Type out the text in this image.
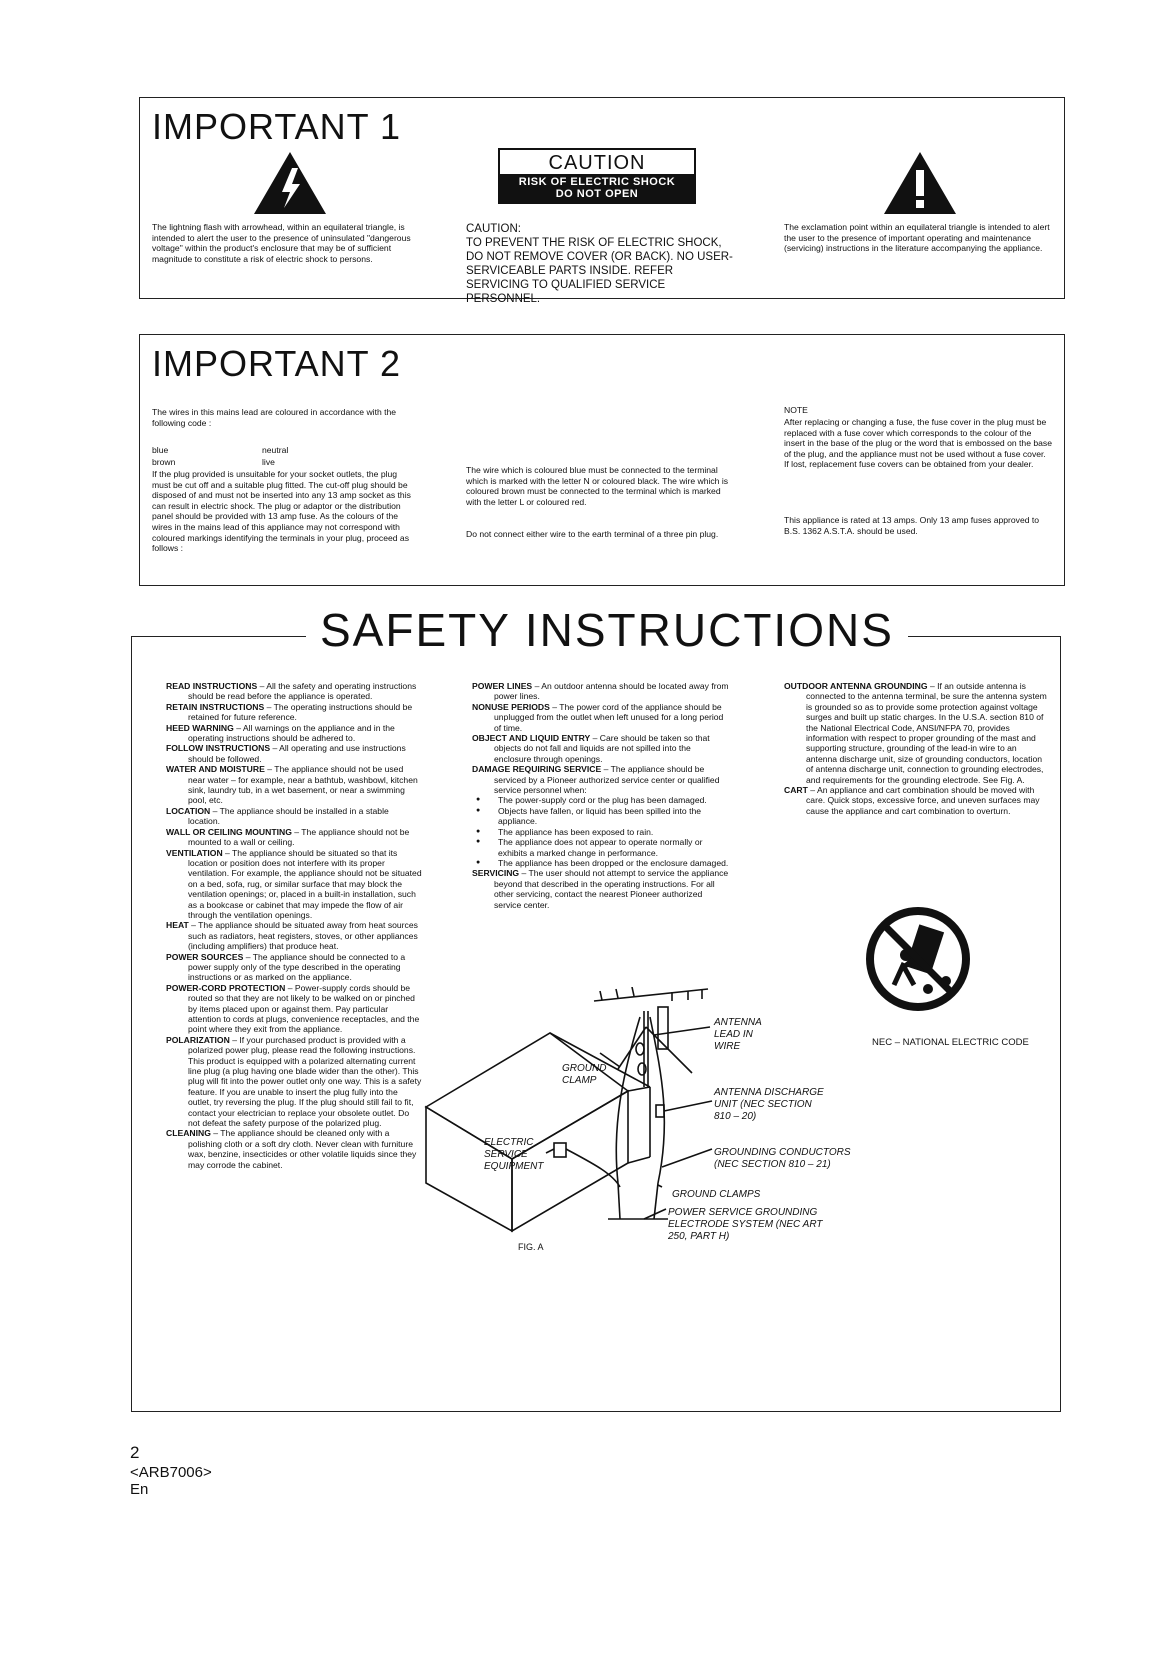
IMPORTANT 1
The lightning flash with arrowhead, within an equilateral triangle, is intended to alert the user to the presence of uninsulated "dangerous voltage" within the product's enclosure that may be of sufficient magnitude to constitute a risk of electric shock to persons.
CAUTION
RISK OF ELECTRIC SHOCK
DO NOT OPEN
CAUTION:
TO PREVENT THE RISK OF ELECTRIC SHOCK, DO NOT REMOVE COVER (OR BACK). NO USER-SERVICEABLE PARTS INSIDE. REFER SERVICING TO QUALIFIED SERVICE PERSONNEL.
The exclamation point within an equilateral triangle is intended to alert the user to the presence of important operating and maintenance (servicing) instructions in the literature accompanying the appliance.
IMPORTANT 2
The wires in this mains lead are coloured in accordance with the following code :
blue	neutral
brown	live
If the plug provided is unsuitable for your socket outlets, the plug must be cut off and a suitable plug fitted. The cut-off plug should be disposed of and must not be inserted into any 13 amp socket as this can result in electric shock. The plug or adaptor or the distribution panel should be provided with 13 amp fuse. As the colours of the wires in the mains lead of this appliance may not correspond with coloured markings identifying the terminals in your plug, proceed as follows :
The wire which is coloured blue must be connected to the terminal which is marked with the letter N or coloured black. The wire which is coloured brown must be connected to the terminal which is marked with the letter L or coloured red.
Do not connect either wire to the earth terminal of a three pin plug.
NOTE
After replacing or changing a fuse, the fuse cover in the plug must be replaced with a fuse cover which corresponds to the colour of the insert in the base of the plug or the word that is embossed on the base of the plug, and the appliance must not be used without a fuse cover. If lost, replacement fuse covers can be obtained from your dealer.
This appliance is rated at 13 amps. Only 13 amp fuses approved to B.S. 1362 A.S.T.A. should be used.
SAFETY INSTRUCTIONS

READ INSTRUCTIONS – All the safety and operating instructions should be read before the appliance is operated.

RETAIN INSTRUCTIONS – The operating instructions should be retained for future reference.

HEED WARNING – All warnings on the appliance and in the operating instructions should be adhered to.

FOLLOW INSTRUCTIONS – All operating and use instructions should be followed.

WATER AND MOISTURE – The appliance should not be used near water – for example, near a bathtub, washbowl, kitchen sink, laundry tub, in a wet basement, or near a swimming pool, etc.

LOCATION – The appliance should be installed in a stable location.

WALL OR CEILING MOUNTING – The appliance should not be mounted to a wall or ceiling.

VENTILATION – The appliance should be situated so that its location or position does not interfere with its proper ventilation. For example, the appliance should not be situated on a bed, sofa, rug, or similar surface that may block the ventilation openings; or, placed in a built-in installation, such as a bookcase or cabinet that may impede the flow of air through the ventilation openings.

HEAT – The appliance should be situated away from heat sources such as radiators, heat registers, stoves, or other appliances (including amplifiers) that produce heat.

POWER SOURCES – The appliance should be connected to a power supply only of the type described in the operating instructions or as marked on the appliance.

POWER-CORD PROTECTION – Power-supply cords should be routed so that they are not likely to be walked on or pinched by items placed upon or against them. Pay particular attention to cords at plugs, convenience receptacles, and the point where they exit from the appliance.

POLARIZATION – If your purchased product is provided with a polarized power plug, please read the following instructions. This product is equipped with a polarized alternating current line plug (a plug having one blade wider than the other). This plug will fit into the power outlet only one way. This is a safety feature. If you are unable to insert the plug fully into the outlet, try reversing the plug. If the plug should still fail to fit, contact your electrician to replace your obsolete outlet. Do not defeat the safety purpose of the polarized plug.

CLEANING – The appliance should be cleaned only with a polishing cloth or a soft dry cloth. Never clean with furniture wax, benzine, insecticides or other volatile liquids since they may corrode the cabinet.

POWER LINES – An outdoor antenna should be located away from power lines.

NONUSE PERIODS – The power cord of the appliance should be unplugged from the outlet when left unused for a long period of time.

OBJECT AND LIQUID ENTRY – Care should be taken so that objects do not fall and liquids are not spilled into the enclosure through openings.

DAMAGE REQUIRING SERVICE – The appliance should be serviced by a Pioneer authorized service center or qualified service personnel when:

● The power-supply cord or the plug has been damaged.
● Objects have fallen, or liquid has been spilled into the appliance.
● The appliance has been exposed to rain.
● The appliance does not appear to operate normally or exhibits a marked change in performance.
● The appliance has been dropped or the enclosure damaged.

SERVICING – The user should not attempt to service the appliance beyond that described in the operating instructions. For all other servicing, contact the nearest Pioneer authorized service center.

OUTDOOR ANTENNA GROUNDING – If an outside antenna is connected to the antenna terminal, be sure the antenna system is grounded so as to provide some protection against voltage surges and built up static charges. In the U.S.A. section 810 of the National Electrical Code, ANSI/NFPA 70, provides information with respect to proper grounding of the mast and supporting structure, grounding of the lead-in wire to an antenna discharge unit, size of grounding conductors, location of antenna discharge unit, connection to grounding electrodes, and requirements for the grounding electrode. See Fig. A.

CART – An appliance and cart combination should be moved with care. Quick stops, excessive force, and uneven surfaces may cause the appliance and cart combination to overturn.

NEC – NATIONAL ELECTRIC CODE
ANTENNA LEAD IN WIRE
GROUND CLAMP
ANTENNA DISCHARGE UNIT (NEC SECTION 810 – 20)
ELECTRIC SERVICE EQUIPMENT
GROUNDING CONDUCTORS (NEC SECTION 810 – 21)
GROUND CLAMPS
POWER SERVICE GROUNDING ELECTRODE SYSTEM (NEC ART 250, PART H)
FIG. A
2
<ARB7006>
En
